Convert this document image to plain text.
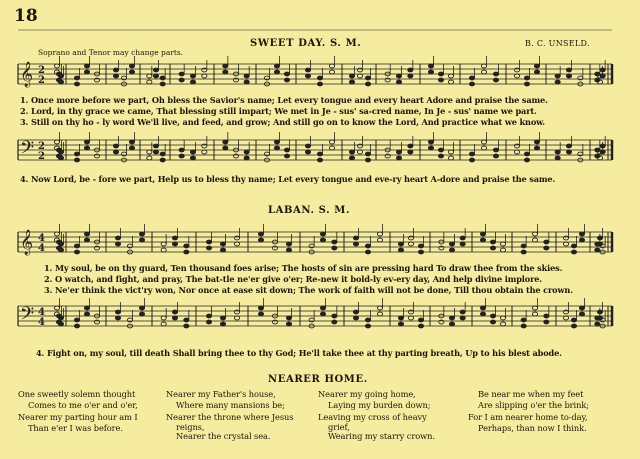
18
SWEET DAY. S. M.	B. C. UNSELD.
Soprano and Tenor may change parts.
𝄞 2
2
𝄢 2
2
𝄞 4
4
𝄢 4
4
1. Once more before we part, Oh bless the Savior's name; Let every tongue and every heart Adore and praise the same.
2. Lord, in thy grace we came, That blessing still impart; We met in Je - sus' sa-cred name, In Je - sus' name we part.
3. Still on thy ho - ly word We'll live, and feed, and grow; And still go on to know the Lord, And practice what we know.
4. Now Lord, be - fore we part, Help us to bless thy name; Let every tongue and eve-ry heart A-dore and praise the same.
LABAN. S. M.
1. My soul, be on thy guard, Ten thousand foes arise; The hosts of sin are pressing hard To draw thee from the skies.
2. O watch, and fight, and pray, The bat-tle ne'er give o'er; Re-new it bold-ly ev-ery day, And help divine implore.
3. Ne'er think the vict'ry won, Nor once at ease sit down; The work of faith will not be done, Till thou obtain the crown.
4. Fight on, my soul, till death Shall bring thee to thy God; He'll take thee at thy parting breath, Up to his blest abode.
NEARER HOME.
One sweetly solemn thought
Comes to me o'er and o'er,
Nearer my parting hour am I
Than e'er I was before.
Nearer my Father's house,
Where many mansions be;
Nearer the throne where Jesus
reigns,
Nearer the crystal sea.
Nearer my going home,
Laying my burden down;
Leaving my cross of heavy
grief,
Wearing my starry crown.
Be near me when my feet
Are slipping o'er the brink;
For I am nearer home to-day,
Perhaps, than now I think.
